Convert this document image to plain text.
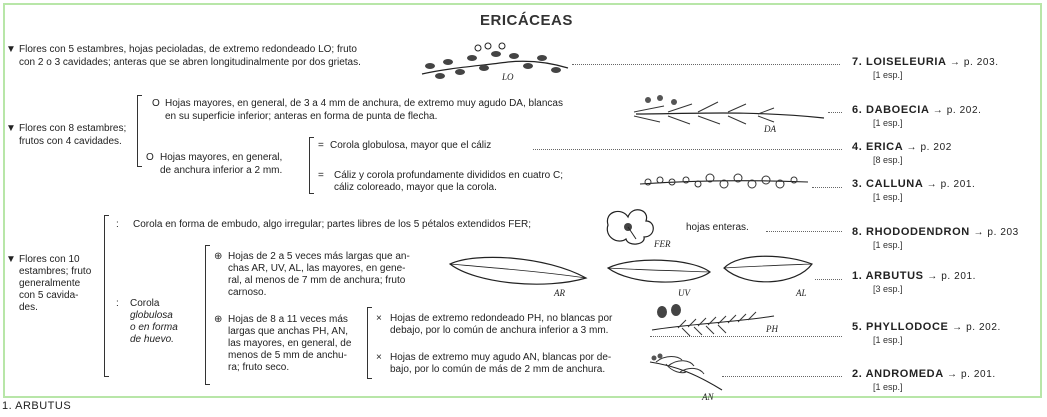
ERICÁCEAS
▼ Flores con 5 estambres, hojas pecioladas, de extremo redondeado LO; fruto
con 2 o 3 cavidades; anteras que se abren longitudinalmente por dos grietas.
▼ Flores con 8 estambres;
frutos con 4 cavidades.
O Hojas mayores, en general, de 3 a 4 mm de anchura, de extremo muy agudo DA, blancas
en su superficie inferior; anteras en forma de punta de flecha.
O Hojas mayores, en general,
de anchura inferior a 2 mm.
= Corola globulosa, mayor que el cáliz
= Cáliz y corola profundamente divididos en cuatro C;
cáliz coloreado, mayor que la corola.
▼ Flores con 10
estambres; fruto
generalmente
con 5 cavida-
des.
: Corola en forma de embudo, algo irregular; partes libres de los 5 pétalos extendidos FER;	hojas enteras.
: Corola
globulosa
o en forma
de huevo.
⊕ Hojas de 2 a 5 veces más largas que an-
chas AR, UV, AL, las mayores, en gene-
ral, al menos de 7 mm de anchura; fruto
carnoso.
⊕ Hojas de 8 a 11 veces más
largas que anchas PH, AN,
las mayores, en general, de
menos de 5 mm de anchu-
ra; fruto seco.
× Hojas de extremo redondeado PH, no blancas por
debajo, por lo común de anchura inferior a 3 mm.
× Hojas de extremo muy agudo AN, blancas por de-
bajo, por lo común de más de 2 mm de anchura.
7. LOISELEURIA → p. 203.
[1 esp.]
6. DABOECIA → p. 202.
[1 esp.]
4. ERICA → p. 202
[8 esp.]
3. CALLUNA → p. 201.
[1 esp.]
8. RHODODENDRON → p. 203
[1 esp.]
1. ARBUTUS → p. 201.
[3 esp.]
5. PHYLLODOCE → p. 202.
[1 esp.]
2. ANDROMEDA → p. 201.
[1 esp.]
LO
DA
FER
AR	UV	AL
PH
AN
1. ARBUTUS
